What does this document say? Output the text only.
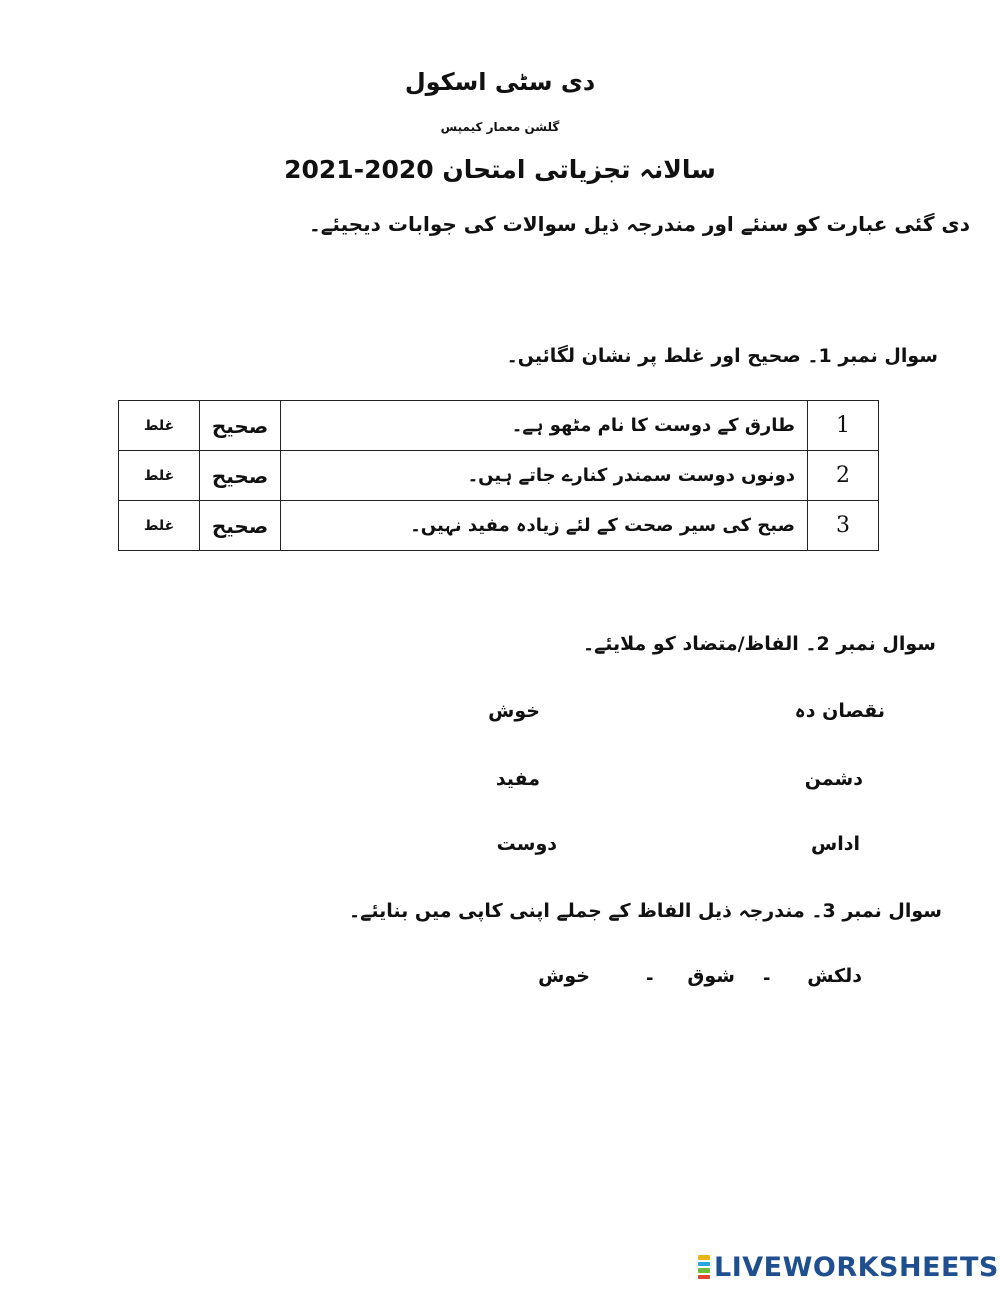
دی سٹی اسکول
گلشن معمار کیمپس
سالانہ تجزیاتی امتحان 2020-2021
دی گئی عبارت کو سنئے اور مندرجہ ذیل سوالات کی جوابات دیجیئے۔
سوال نمبر 1۔ صحیح اور غلط پر نشان لگائیں۔
غلط	صحیح	طارق کے دوست کا نام مٹھو ہے۔	1
غلط	صحیح	دونوں دوست سمندر کنارے جاتے ہیں۔	2
غلط	صحیح	صبح کی سیر صحت کے لئے زیادہ مفید نہیں۔	3
سوال نمبر 2۔ الفاظ/متضاد کو ملایئے۔
نقصان دہ
خوش
دشمن
مفید
اداس
دوست
سوال نمبر 3۔ مندرجہ ذیل الفاظ کے جملے اپنی کاپی میں بنایئے۔
دلکش
-
شوق
-
خوش
LIVEWORKSHEETS
